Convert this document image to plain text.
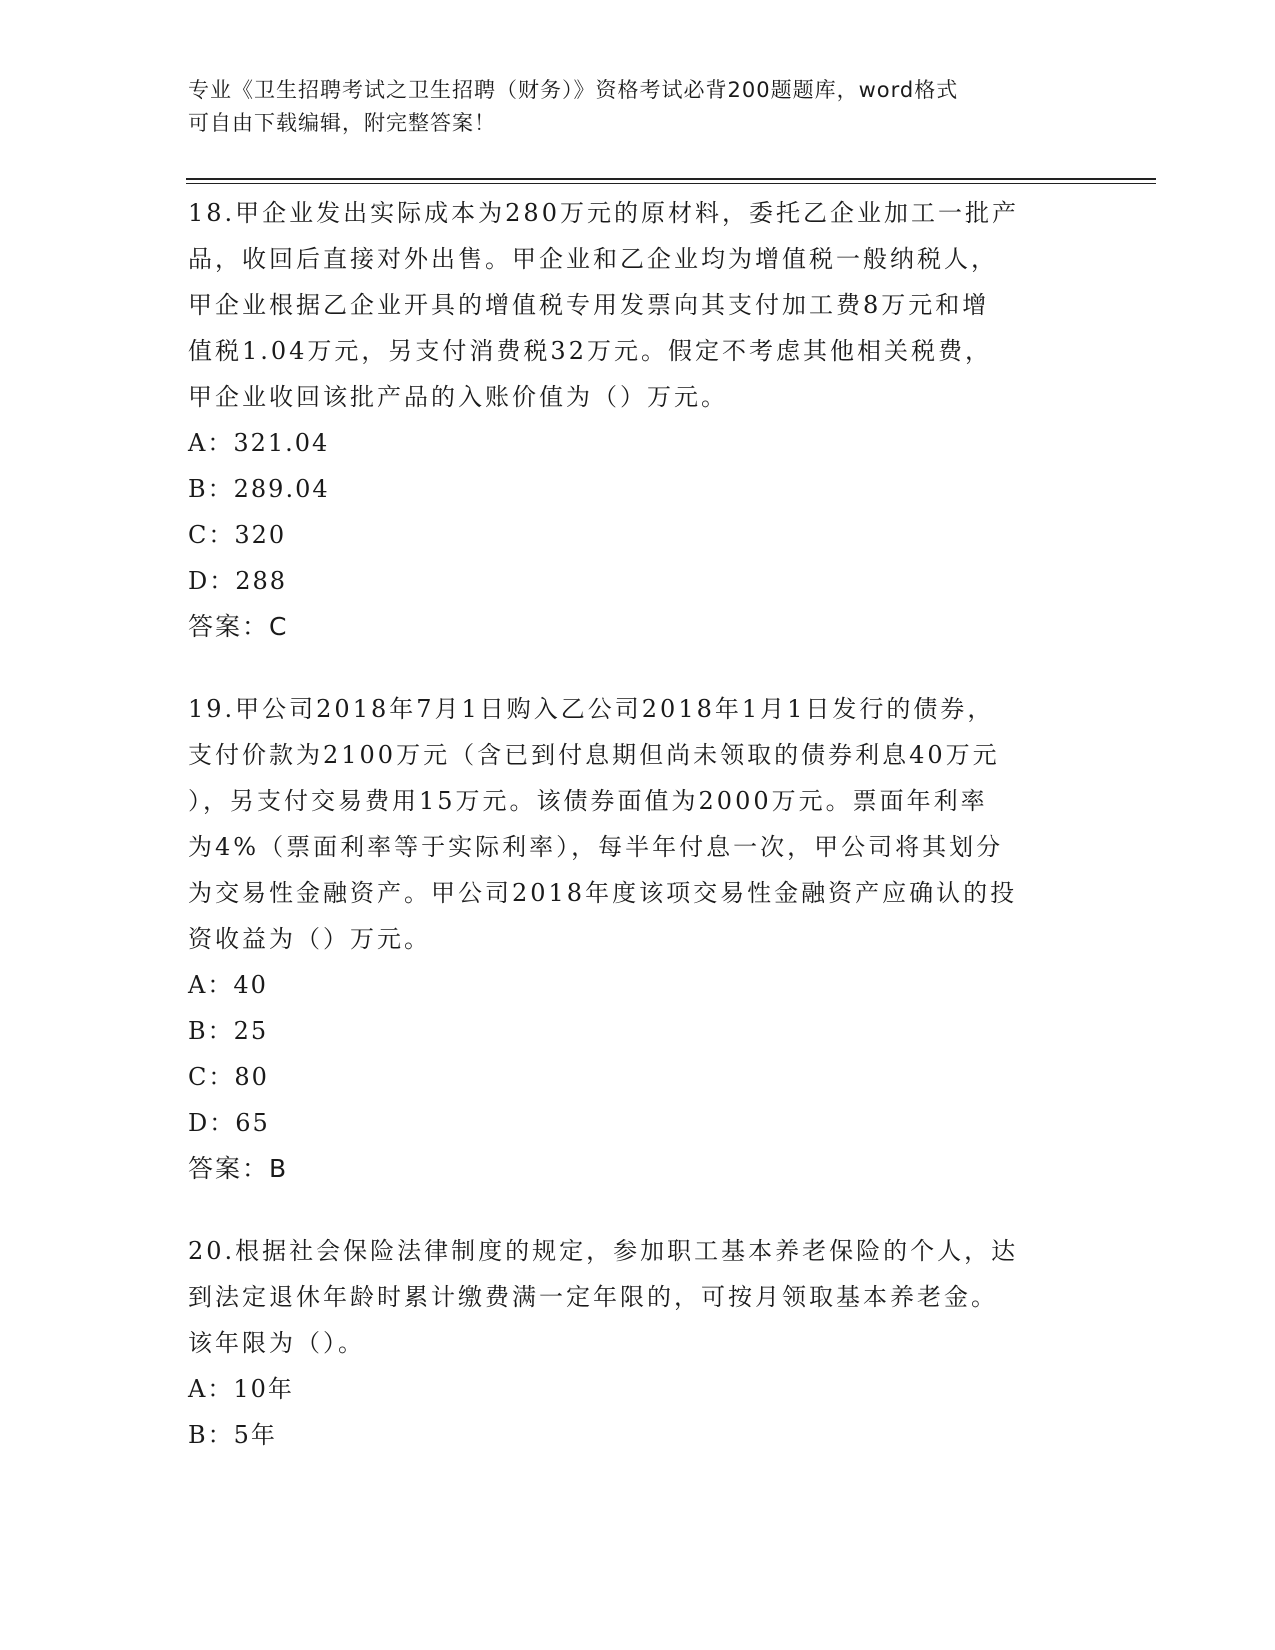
专业《卫生招聘考试之卫生招聘（财务）》资格考试必背200题题库，word格式
可自由下载编辑，附完整答案！

18.甲企业发出实际成本为280万元的原材料，委托乙企业加工一批产
品，收回后直接对外出售。甲企业和乙企业均为增值税一般纳税人，
甲企业根据乙企业开具的增值税专用发票向其支付加工费8万元和增
值税1.04万元，另支付消费税32万元。假定不考虑其他相关税费，
甲企业收回该批产品的入账价值为（）万元。

A：321.04

B：289.04

C：320

D：288

答案：C

19.甲公司2018年7月1日购入乙公司2018年1月1日发行的债券，
支付价款为2100万元（含已到付息期但尚未领取的债券利息40万元
），另支付交易费用15万元。该债券面值为2000万元。票面年利率
为4%（票面利率等于实际利率），每半年付息一次，甲公司将其划分
为交易性金融资产。甲公司2018年度该项交易性金融资产应确认的投
资收益为（）万元。

A：40

B：25

C：80

D：65

答案：B

20.根据社会保险法律制度的规定，参加职工基本养老保险的个人，达
到法定退休年龄时累计缴费满一定年限的，可按月领取基本养老金。
该年限为（）。

A：10年

B：5年
